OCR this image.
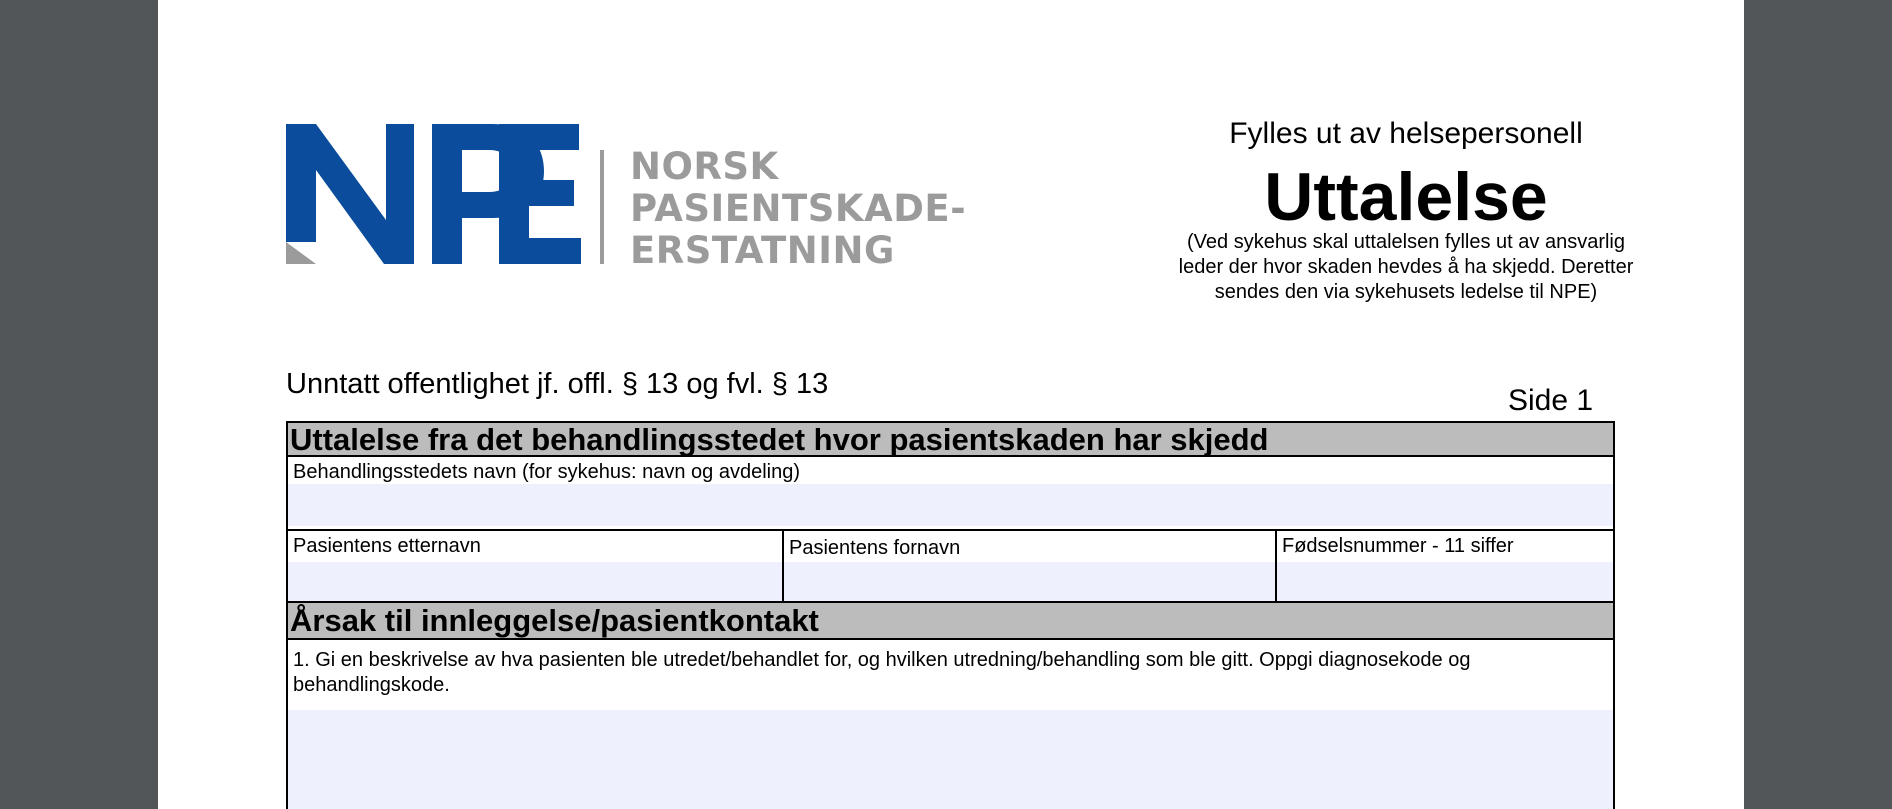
NORSK
PASIENTSKADE-
ERSTATNING
Fylles ut av helsepersonell
Uttalelse
(Ved sykehus skal uttalelsen fylles ut av ansvarlig leder der hvor skaden hevdes å ha skjedd. Deretter sendes den via sykehusets ledelse til NPE)
Unntatt offentlighet jf. offl. § 13 og fvl. § 13	Side 1
Uttalelse fra det behandlingsstedet hvor pasientskaden har skjedd
Behandlingsstedets navn (for sykehus: navn og avdeling)
Pasientens etternavn	Pasientens fornavn	Fødselsnummer - 11 siffer
Årsak til innleggelse/pasientkontakt
1. Gi en beskrivelse av hva pasienten ble utredet/behandlet for, og hvilken utredning/behandling som ble gitt. Oppgi diagnosekode og behandlingskode.
